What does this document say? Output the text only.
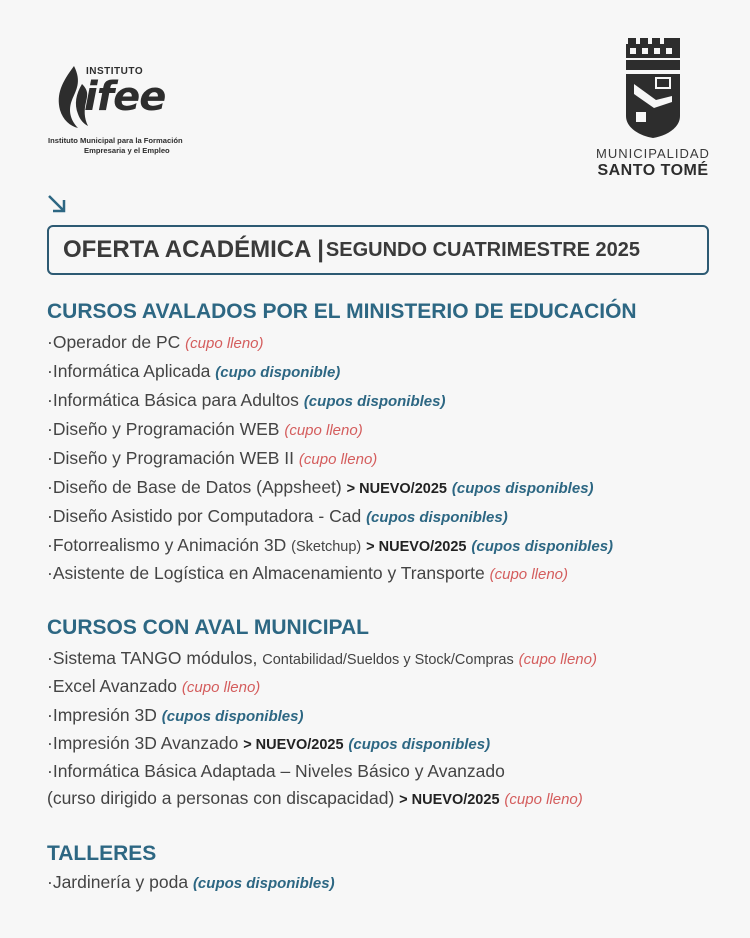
INSTITUTO
ifee
Instituto Municipal para la Formación
Empresaria y el Empleo	MUNICIPALIDAD
SANTO TOMÉ
OFERTA ACADÉMICA | SEGUNDO CUATRIMESTRE 2025
CURSOS AVALADOS POR EL MINISTERIO DE EDUCACIÓN
·Operador de PC (cupo lleno)
·Informática Aplicada (cupo disponible)
·Informática Básica para Adultos (cupos disponibles)
·Diseño y Programación WEB (cupo lleno)
·Diseño y Programación WEB II (cupo lleno)
·Diseño de Base de Datos (Appsheet) > NUEVO/2025 (cupos disponibles)
·Diseño Asistido por Computadora - Cad (cupos disponibles)
·Fotorrealismo y Animación 3D (Sketchup) > NUEVO/2025 (cupos disponibles)
·Asistente de Logística en Almacenamiento y Transporte (cupo lleno)
CURSOS CON AVAL MUNICIPAL
·Sistema TANGO módulos, Contabilidad/Sueldos y Stock/Compras (cupo lleno)
·Excel Avanzado (cupo lleno)
·Impresión 3D (cupos disponibles)
·Impresión 3D Avanzado > NUEVO/2025 (cupos disponibles)
·Informática Básica Adaptada – Niveles Básico y Avanzado
(curso dirigido a personas con discapacidad) > NUEVO/2025 (cupo lleno)
TALLERES
·Jardinería y poda (cupos disponibles)
